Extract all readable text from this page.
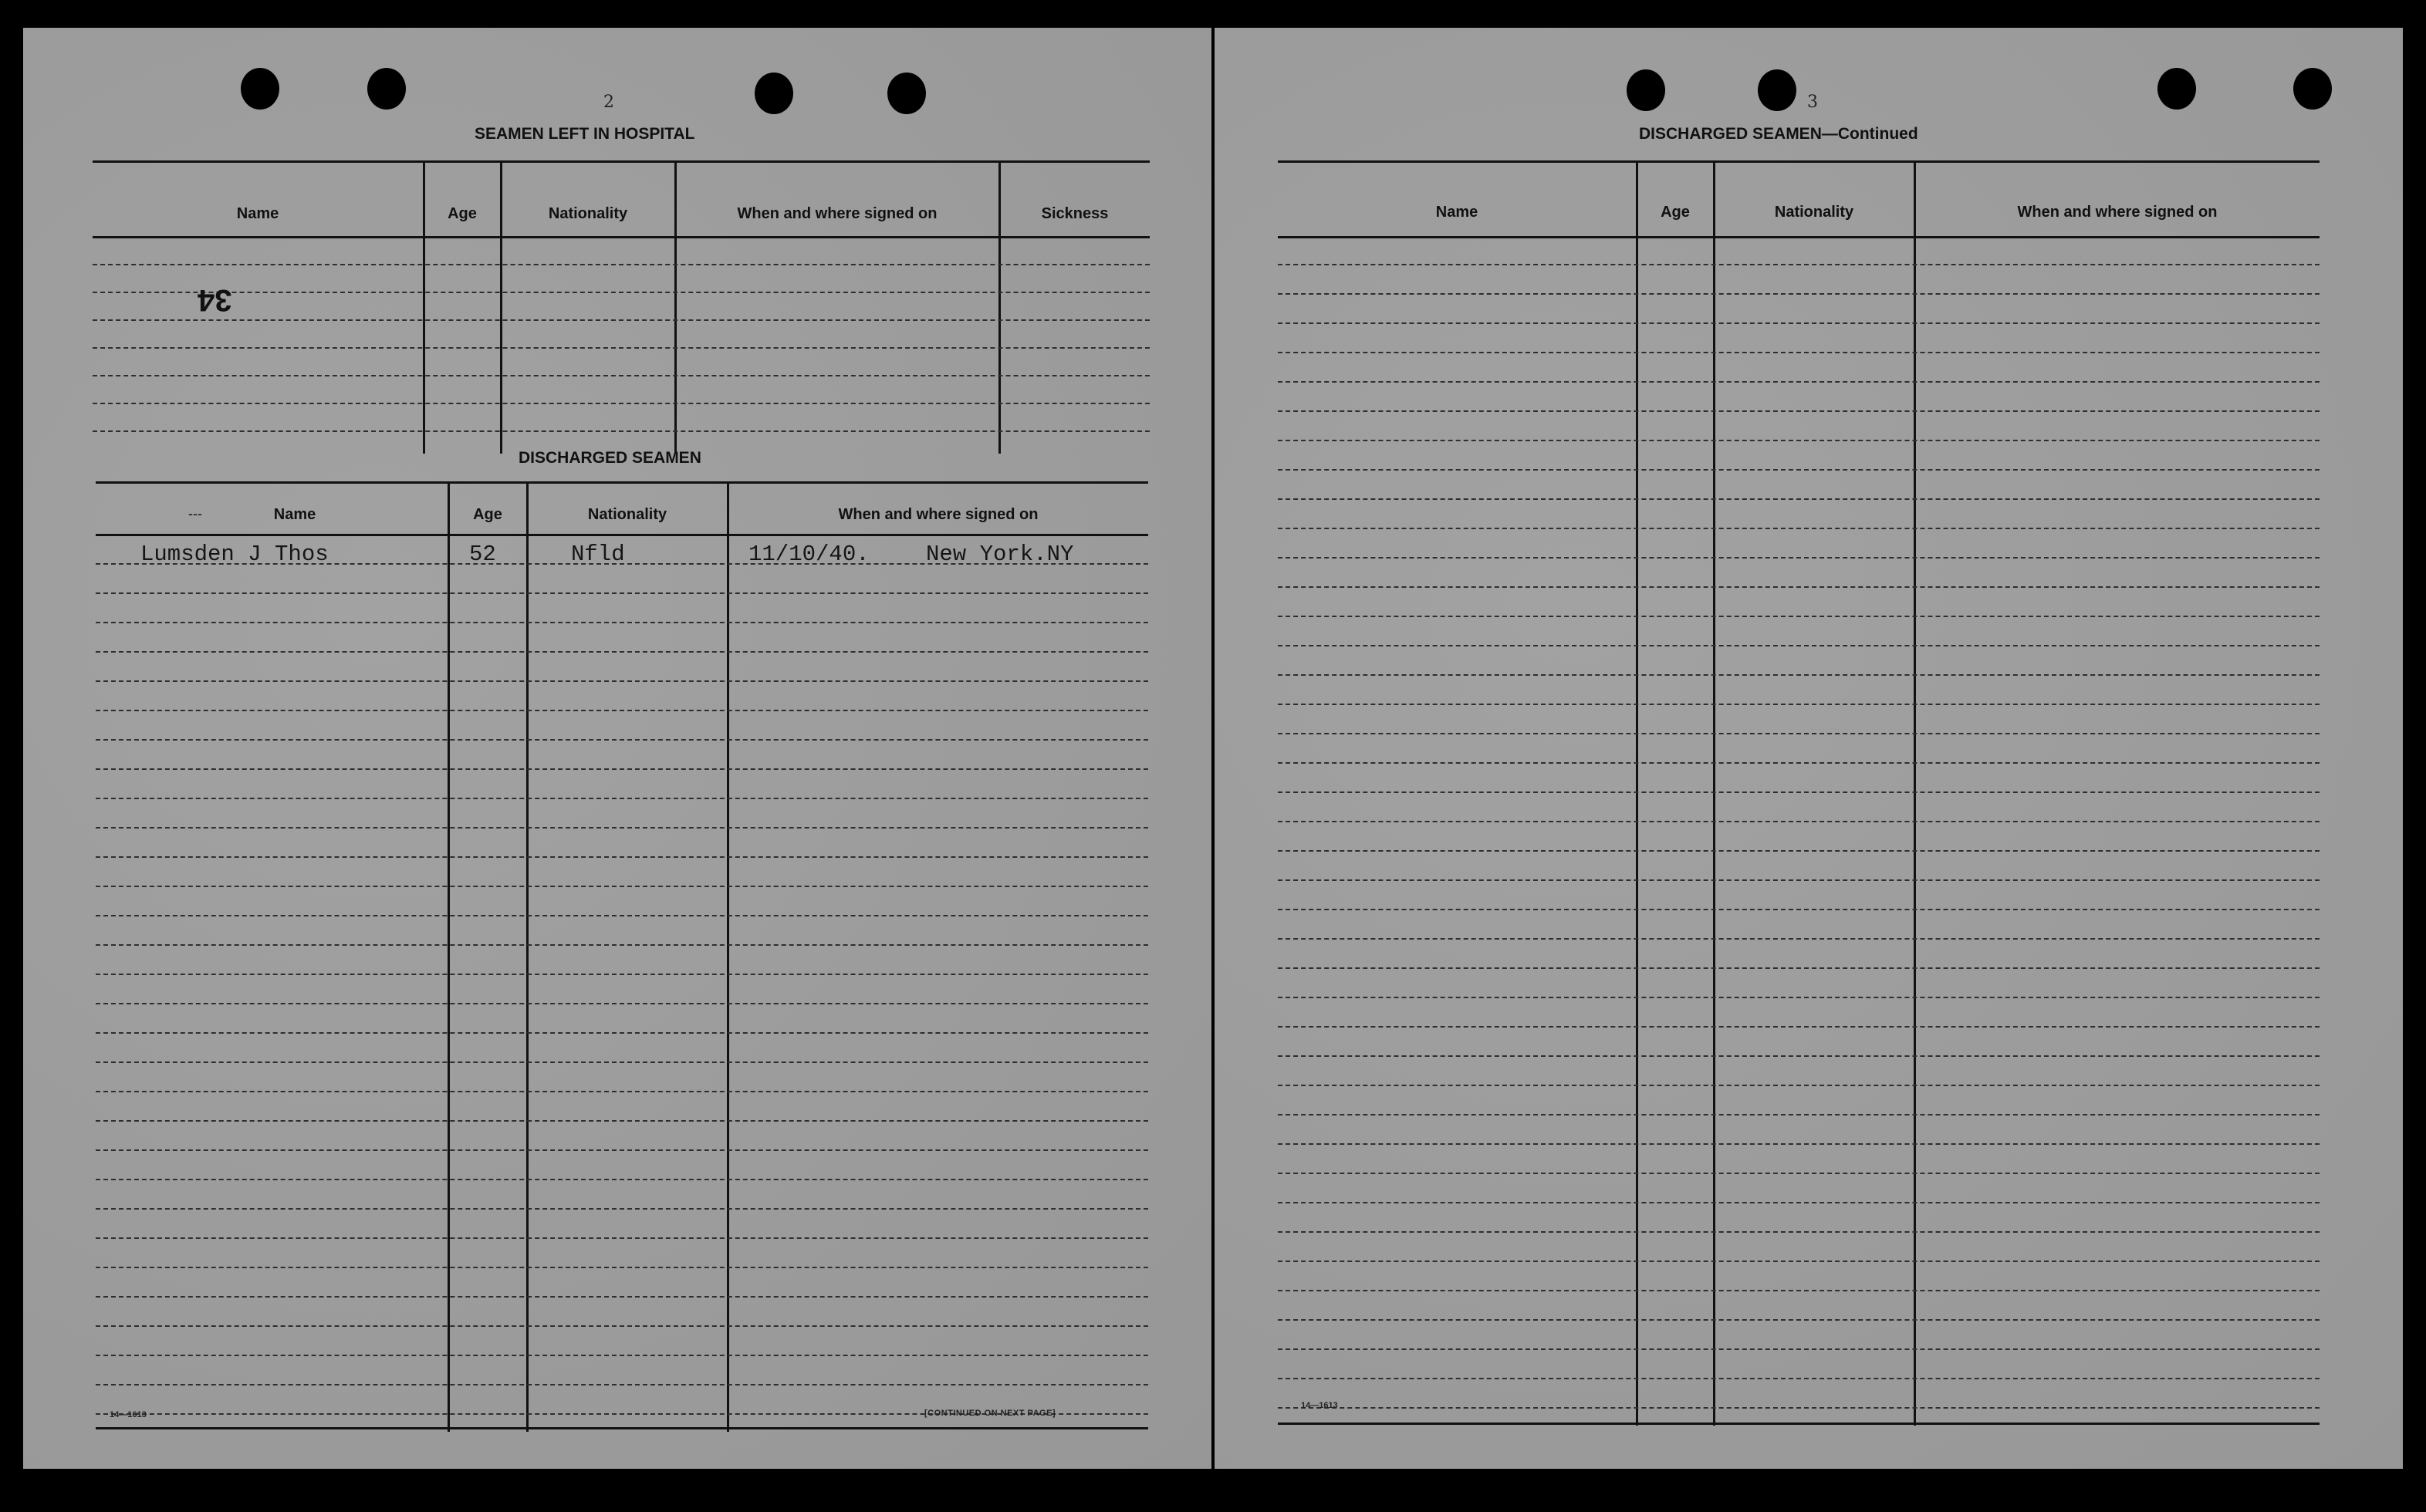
2
SEAMEN LEFT IN HOSPITAL
Name	Age	Nationality	When and where signed on	Sickness
34
DISCHARGED SEAMEN
---	Name	Age	Nationality	When and where signed on
Lumsden J Thos	52	Nfld	11/10/40.	New York.NY
14—1613	[CONTINUED ON NEXT PAGE]
3
DISCHARGED SEAMEN—Continued
Name	Age	Nationality	When and where signed on
14—1613
